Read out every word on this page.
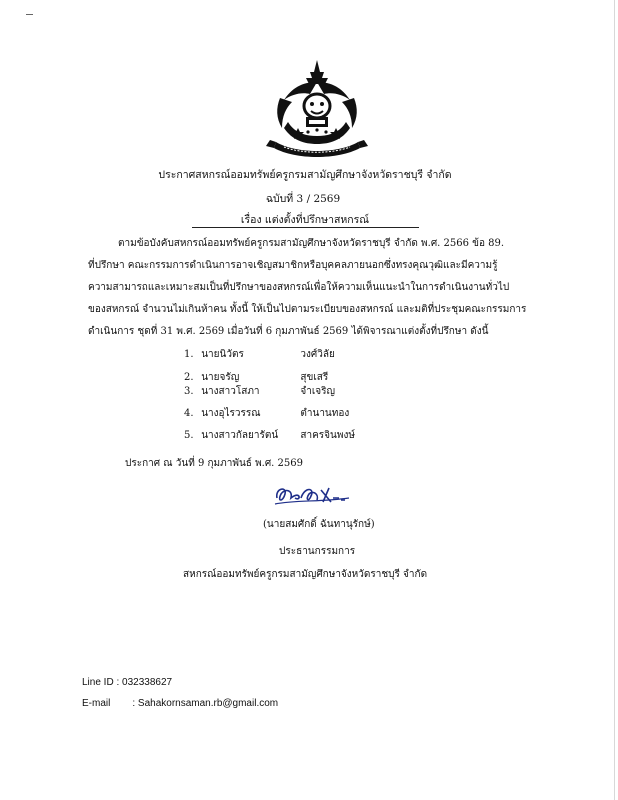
ประกาศสหกรณ์ออมทรัพย์ครูกรมสามัญศึกษาจังหวัดราชบุรี จำกัด
ฉบับที่ 3 / 2569
เรื่อง แต่งตั้งที่ปรึกษาสหกรณ์
ตามข้อบังคับสหกรณ์ออมทรัพย์ครูกรมสามัญศึกษาจังหวัดราชบุรี จำกัด พ.ศ. 2566 ข้อ 89.
ที่ปรึกษา คณะกรรมการดำเนินการอาจเชิญสมาชิกหรือบุคคลภายนอกซึ่งทรงคุณวุฒิและมีความรู้
ความสามารถและเหมาะสมเป็นที่ปรึกษาของสหกรณ์เพื่อให้ความเห็นแนะนำในการดำเนินงานทั่วไป
ของสหกรณ์ จำนวนไม่เกินห้าคน ทั้งนี้ ให้เป็นไปตามระเบียบของสหกรณ์ และมติที่ประชุมคณะกรรมการ
ดำเนินการ ชุดที่ 31 พ.ศ. 2569 เมื่อวันที่ 6 กุมภาพันธ์ 2569 ได้พิจารณาแต่งตั้งที่ปรึกษา ดังนี้
1. นายนิวัตร	วงศ์วิลัย
2. นายจรัญ	สุขเสรี
3. นางสาวโสภา	จำเจริญ
4. นางอุไรวรรณ	ตำนานทอง
5. นางสาวกัลยารัตน์ สาครจินพงษ์
ประกาศ ณ วันที่ 9 กุมภาพันธ์ พ.ศ. 2569
(นายสมศักดิ์ ฉันทานุรักษ์)
ประธานกรรมการ
สหกรณ์ออมทรัพย์ครูกรมสามัญศึกษาจังหวัดราชบุรี จำกัด
Line ID : 032338627
E-mail : Sahakornsaman.rb@gmail.com
